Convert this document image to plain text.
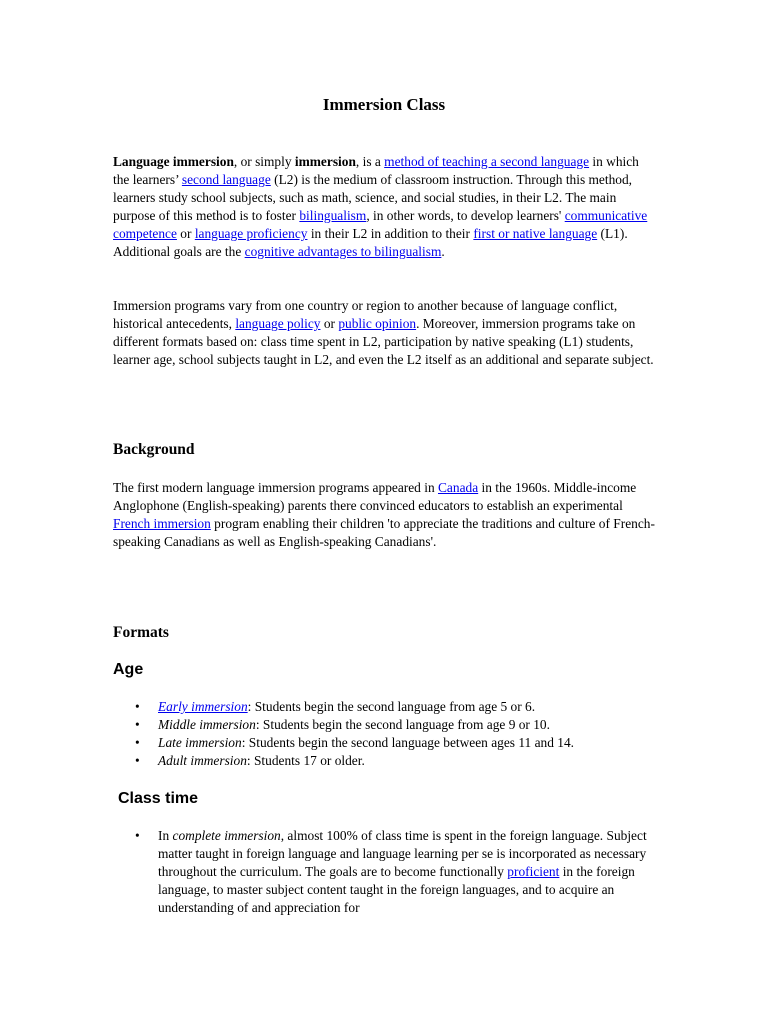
Immersion Class

Language immersion, or simply immersion, is a method of teaching a second language in which the learners’ second language (L2) is the medium of classroom instruction. Through this method, learners study school subjects, such as math, science, and social studies, in their L2. The main purpose of this method is to foster bilingualism, in other words, to develop learners' communicative competence or language proficiency in their L2 in addition to their first or native language (L1). Additional goals are the cognitive advantages to bilingualism.

Immersion programs vary from one country or region to another because of language conflict, historical antecedents, language policy or public opinion. Moreover, immersion programs take on different formats based on: class time spent in L2, participation by native speaking (L1) students, learner age, school subjects taught in L2, and even the L2 itself as an additional and separate subject.

Background

The first modern language immersion programs appeared in Canada in the 1960s. Middle-income Anglophone (English-speaking) parents there convinced educators to establish an experimental French immersion program enabling their children 'to appreciate the traditions and culture of French-speaking Canadians as well as English-speaking Canadians'.

Formats
Age
• Early immersion: Students begin the second language from age 5 or 6.
• Middle immersion: Students begin the second language from age 9 or 10.
• Late immersion: Students begin the second language between ages 11 and 14.
• Adult immersion: Students 17 or older.
Class time
• In complete immersion, almost 100% of class time is spent in the foreign language. Subject matter taught in foreign language and language learning per se is incorporated as necessary throughout the curriculum. The goals are to become functionally proficient in the foreign language, to master subject content taught in the foreign languages, and to acquire an understanding of and appreciation for
